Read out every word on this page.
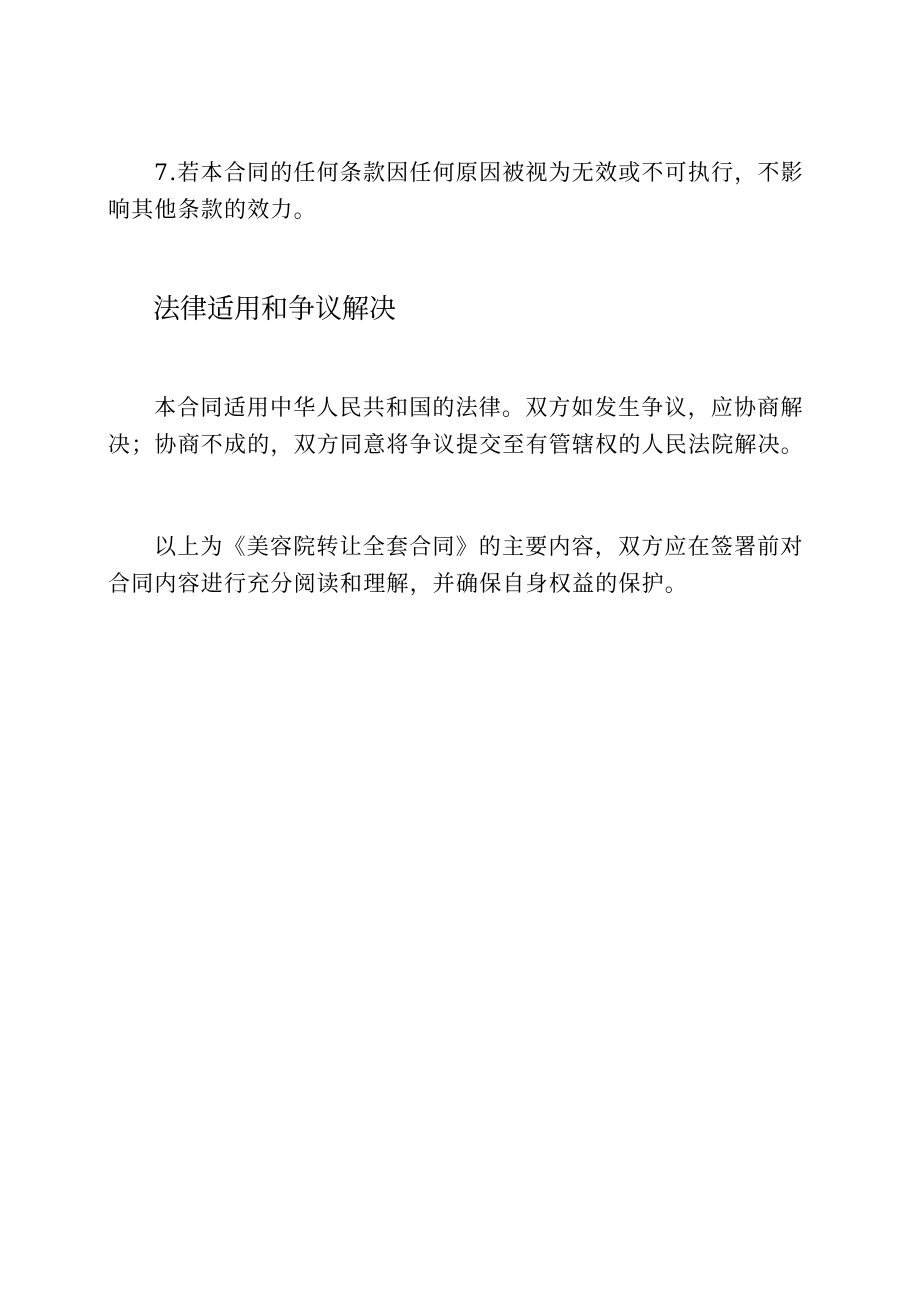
7.若本合同的任何条款因任何原因被视为无效或不可执行，不影响其他条款的效力。

法律适用和争议解决

本合同适用中华人民共和国的法律。双方如发生争议，应协商解决；协商不成的，双方同意将争议提交至有管辖权的人民法院解决。

以上为《美容院转让全套合同》的主要内容，双方应在签署前对合同内容进行充分阅读和理解，并确保自身权益的保护。
